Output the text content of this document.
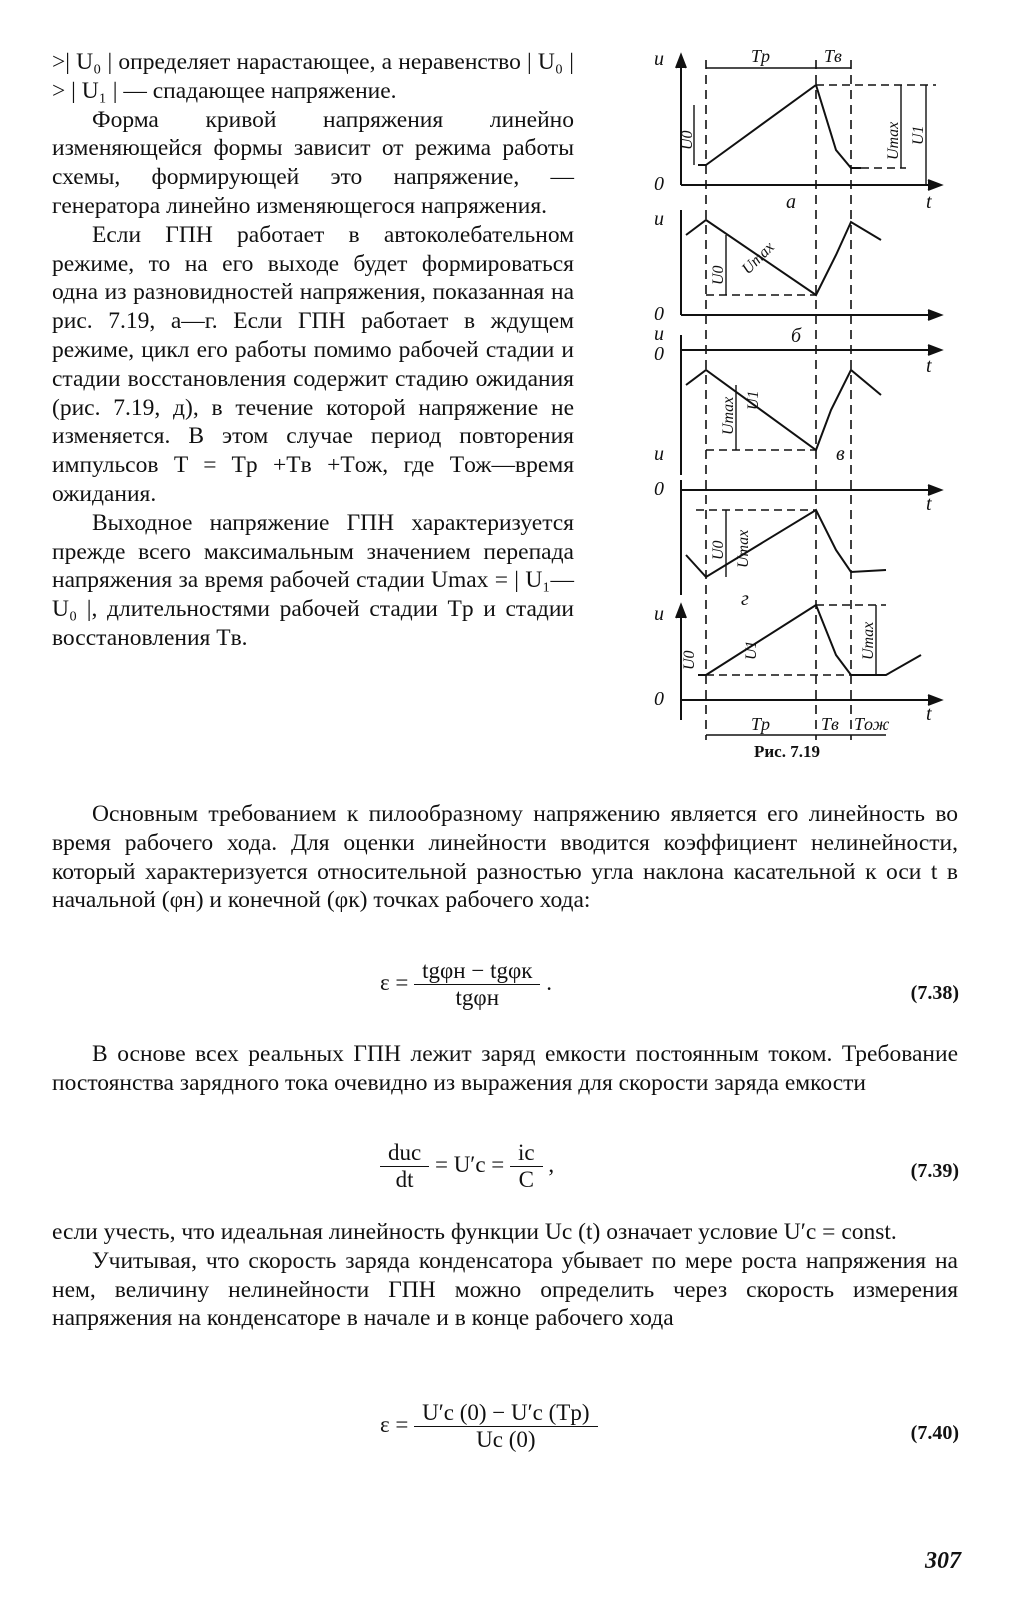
>| U₀ | определяет нарастающее, а неравенство | U₀ | > | U₁ | — спадающее напряжение.

Форма кривой напряжения линейно изменяющейся формы зависит от режима работы схемы, формирующей это напряжение, — генератора линейно изменяющегося напряжения.

Если ГПН работает в автоколебательном режиме, то на его выходе будет формироваться одна из разновидностей напряжения, показанная на рис. 7.19, а—г. Если ГПН работает в ждущем режиме, цикл его работы помимо рабочей стадии и стадии восстановления содержит стадию ожидания (рис. 7.19, д), в течение которой напряжение не изменяется. В этом случае период повторения импульсов T = Tр +Tв +Tож, где Tож—время ожидания.

Выходное напряжение ГПН характеризуется прежде всего максимальным значением перепада напряжения за время рабочей стадии Umax = | U₁—U₀ |, длительностями рабочей стадии Tр и стадии восстановления Tв.

u
0
t
Tр	Tв
а
б
в
г
u
0
u
0
t
u
0
t
u
0
t
Tр	Tв Tож
U0	Umax U1
U0 Umax
Umax U1
U0 Umax
U0
U1	Umax
Рис. 7.19

Основным требованием к пилообразному напряжению является его линейность во время рабочего хода. Для оценки линейности вводится коэффициент нелинейности, который характеризуется относительной разностью угла наклона касательной к оси t в начальной (φн) и конечной (φк) точках рабочего хода:

$\varepsilon = \frac{\text{tgφн − tgφк}}{\text{tgφн}}$ .	(7.38)

В основе всех реальных ГПН лежит заряд емкости постоянным током. Требование постоянства зарядного тока очевидно из выражения для скорости заряда емкости

$\frac{\text{duc}}{dt} = U'c = \frac{ic}{C}$ ,	(7.39)

если учесть, что идеальная линейность функции Uc (t) означает условие U′c = const.

Учитывая, что скорость заряда конденсатора убывает по мере роста напряжения на нем, величину нелинейности ГПН можно определить через скорость измерения напряжения на конденсаторе в начале и в конце рабочего хода

$\varepsilon = \frac{U'c (0) - U'c (Tр)}{Uc (0)}$	(7.40)
307
